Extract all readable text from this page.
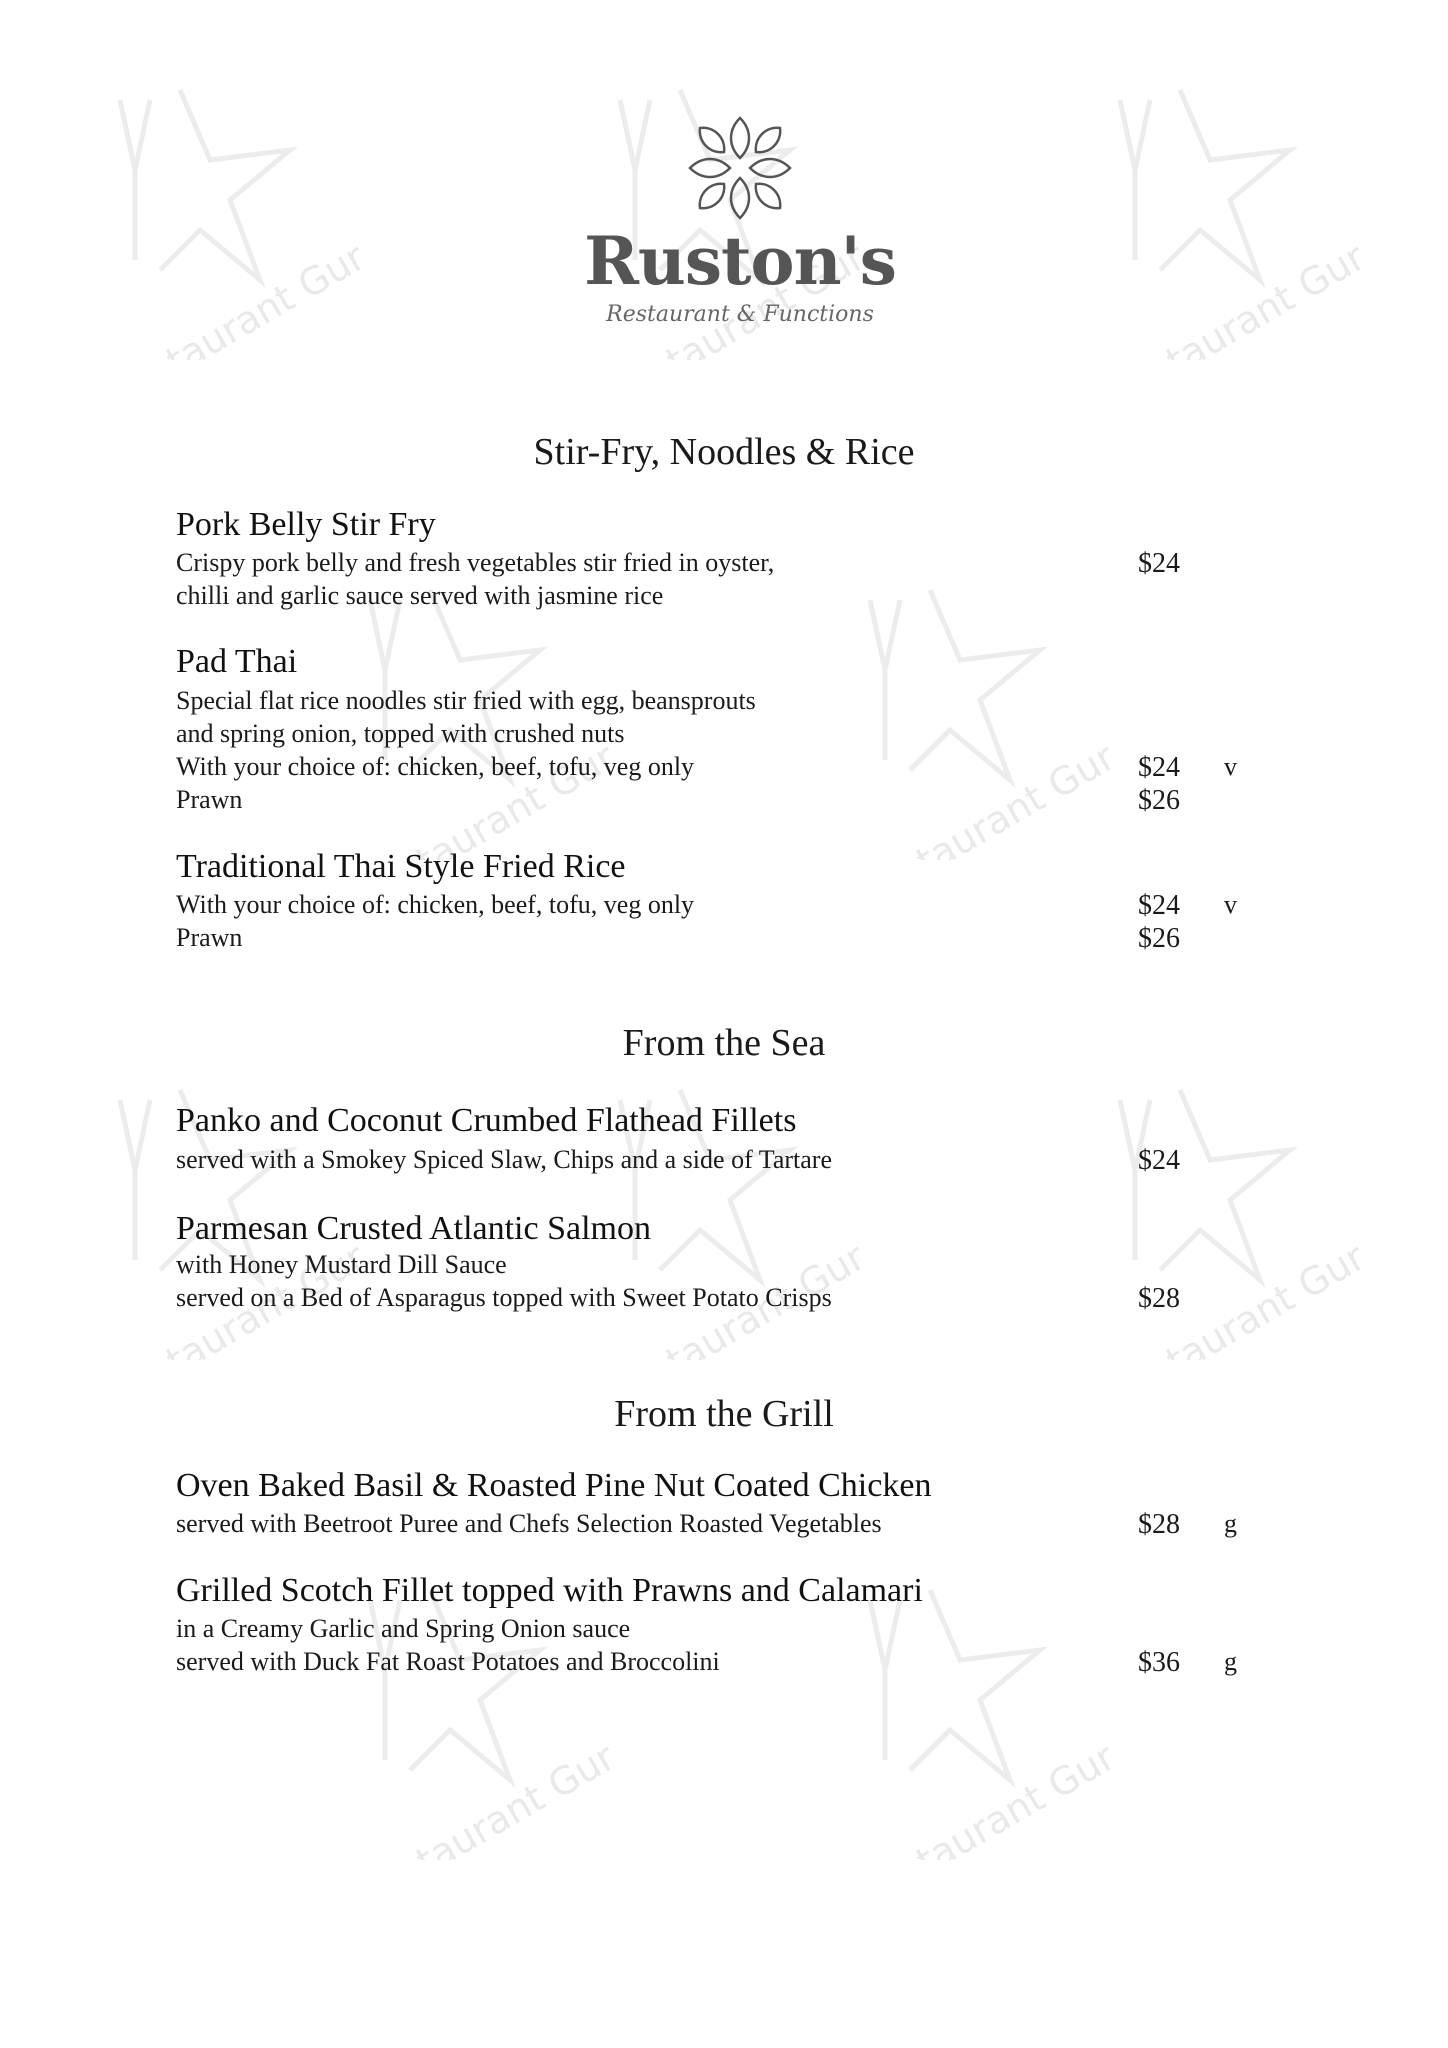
Restaurant Guru
Restaurant Guru
Restaurant Guru
Restaurant Guru
Restaurant Guru
Restaurant Guru
Restaurant Guru
Restaurant Guru
Restaurant Guru
Restaurant Guru
Ruston's
Restaurant & Functions
Stir-Fry, Noodles & Rice
Pork Belly Stir Fry
Crispy pork belly and fresh vegetables stir fried in oyster,
chilli and garlic sauce served with jasmine rice
$24
Pad Thai
Special flat rice noodles stir fried with egg, beansprouts
and spring onion, topped with crushed nuts
With your choice of: chicken, beef, tofu, veg only
Prawn
$24 v
$26
Traditional Thai Style Fried Rice
With your choice of: chicken, beef, tofu, veg only
Prawn
$24 v
$26
From the Sea
Panko and Coconut Crumbed Flathead Fillets
served with a Smokey Spiced Slaw, Chips and a side of Tartare	$24
Parmesan Crusted Atlantic Salmon
with Honey Mustard Dill Sauce
served on a Bed of Asparagus topped with Sweet Potato Crisps	$28
From the Grill
Oven Baked Basil & Roasted Pine Nut Coated Chicken
served with Beetroot Puree and Chefs Selection Roasted Vegetables	$28 g
Grilled Scotch Fillet topped with Prawns and Calamari
in a Creamy Garlic and Spring Onion sauce
served with Duck Fat Roast Potatoes and Broccolini	$36 g
